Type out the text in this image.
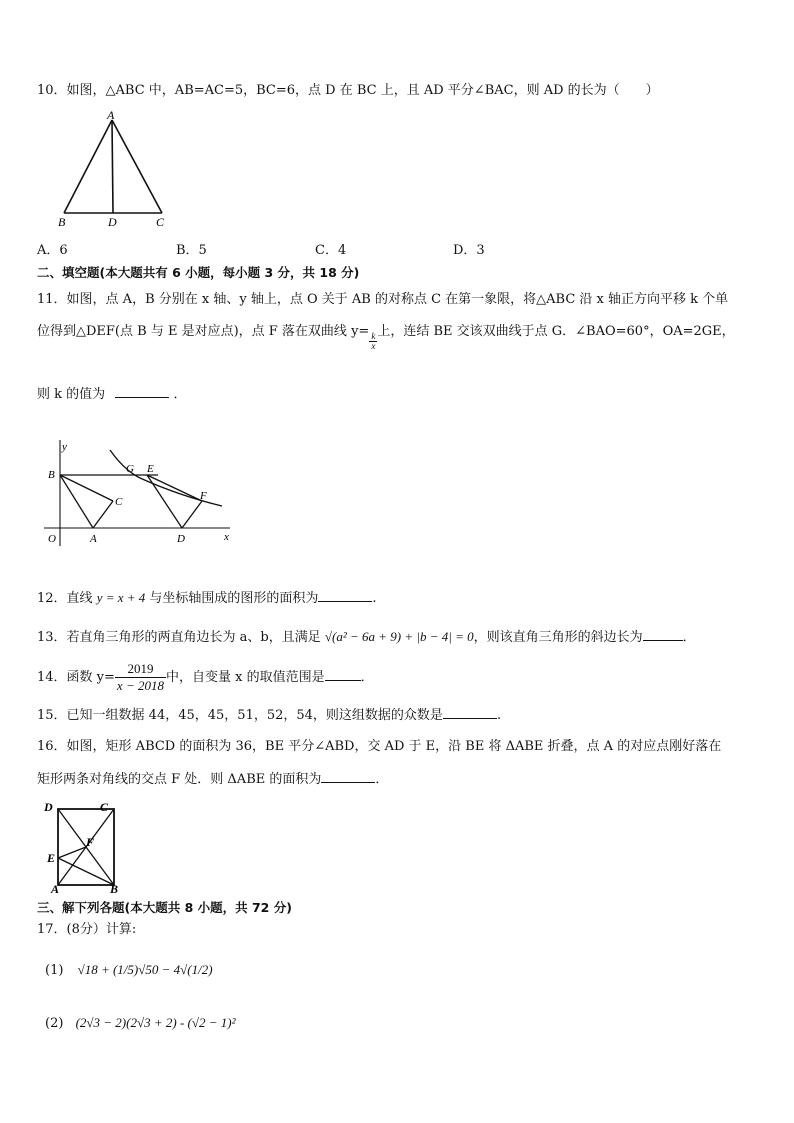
10．如图，△ABC 中，AB=AC=5，BC=6，点 D 在 BC 上，且 AD 平分∠BAC，则 AD 的长为（　　）
A
B	D	C
A．6	B．5	C．4	D．3
二、填空题(本大题共有 6 小题，每小题 3 分，共 18 分)
11．如图，点 A，B 分别在 x 轴、y 轴上，点 O 关于 AB 的对称点 C 在第一象限，将△ABC 沿 x 轴正方向平移 k 个单
位得到△DEF(点 B 与 E 是对应点)，点 F 落在双曲线 y=
$\frac{k}{x}$
上，连结 BE 交该双曲线于点 G．∠BAO=60°，OA=2GE，
则 k 的值为	．
y
B	G E
F
C
O	A	D	x
12．直线 y = x + 4 与坐标轴围成的图形的面积为	.
13．若直角三角形的两直角边长为 a、b，且满足 √(a² − 6a + 9) + |b − 4| = 0，则该直角三角形的斜边长为	．
14．函数 $y= \frac{2019}{x - 2018}$ 中，自变量 x 的取值范围是	．
15．已知一组数据 44，45，45，51，52，54，则这组数据的众数是	.
16．如图，矩形 ABCD 的面积为 36，BE 平分∠ABD，交 AD 于 E，沿 BE 将 ΔABE 折叠，点 A 的对应点刚好落在
矩形两条对角线的交点 F 处．则 ΔABE 的面积为	．
D	C
E
F
A	B
三、解下列各题(本大题共 8 小题，共 72 分)
17．(8分）计算:
(1) √18 + (1/5)√50 − 4√(1/2)
(2) (2√3 − 2)(2√3 + 2) - (√2 − 1)²
